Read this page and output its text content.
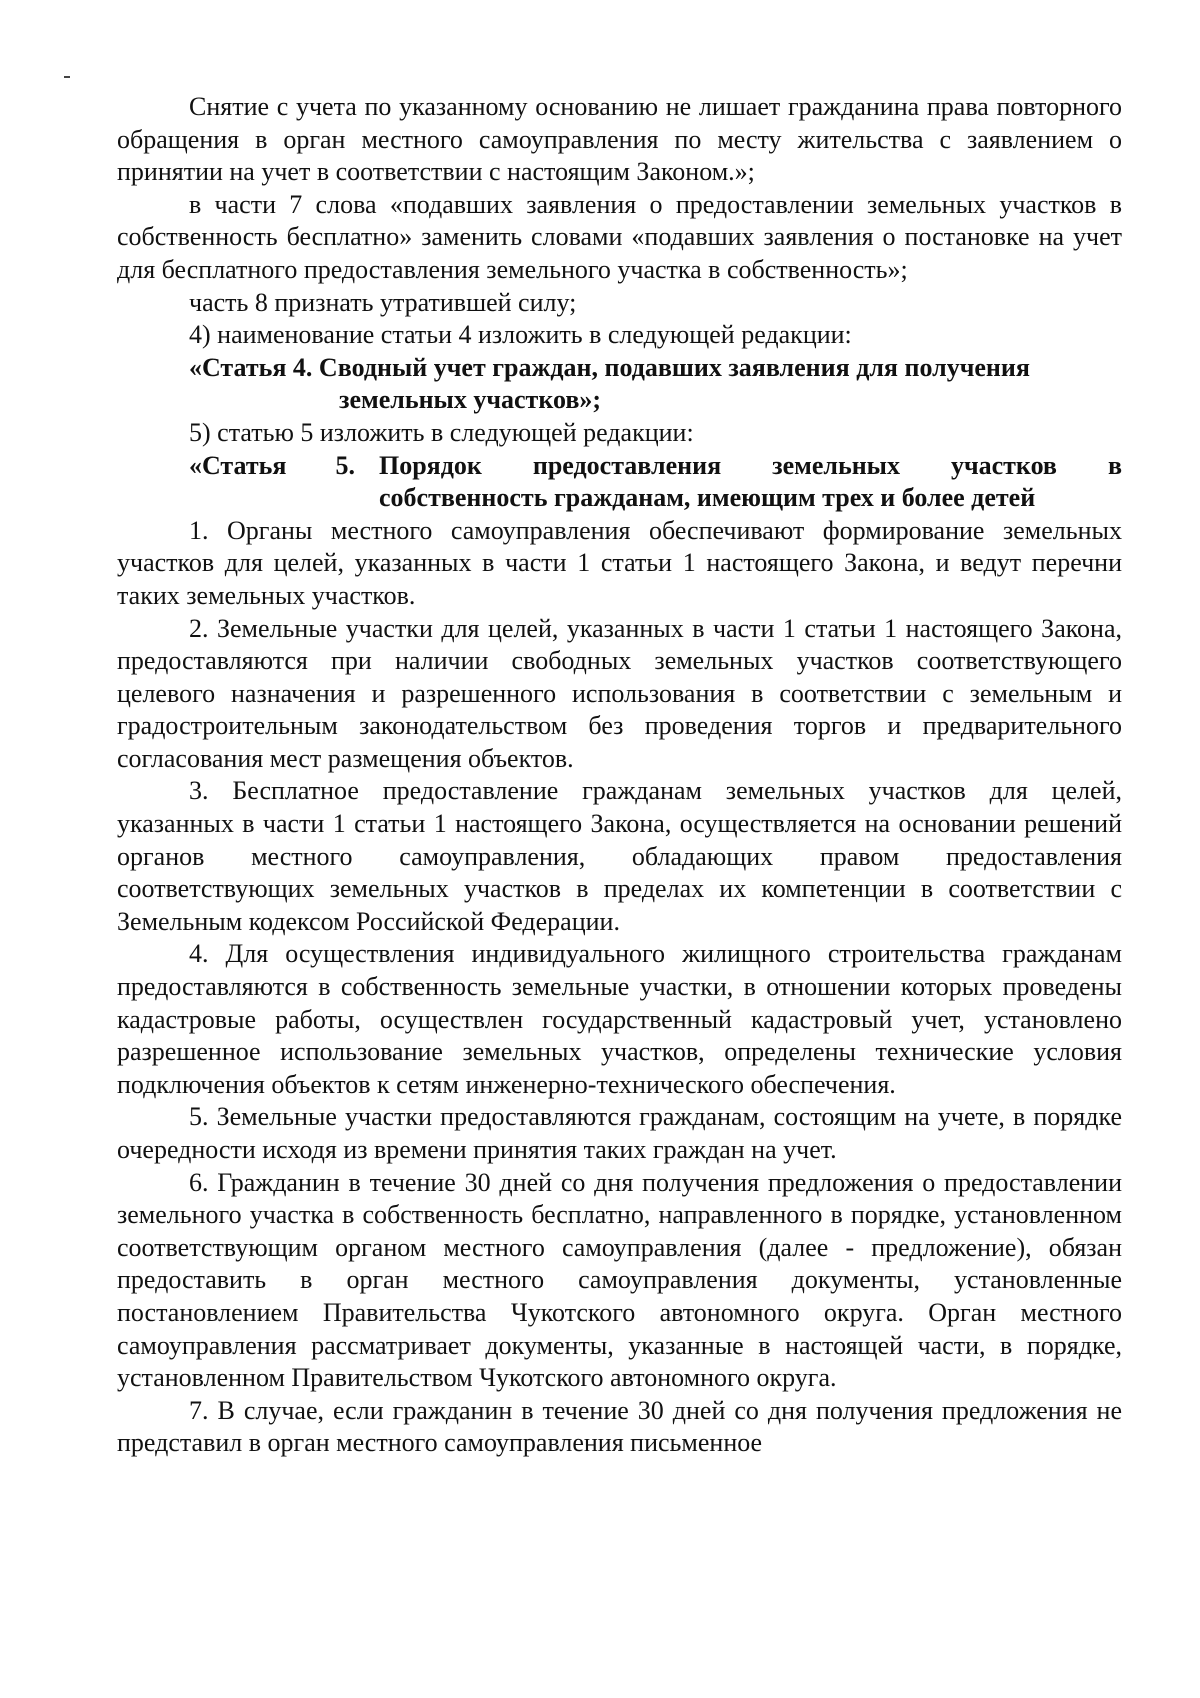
Снятие с учета по указанному основанию не лишает гражданина права повторного обращения в орган местного самоуправления по месту жительства с заявлением о принятии на учет в соответствии с настоящим Законом.»;

в части 7 слова «подавших заявления о предоставлении земельных участков в собственность бесплатно» заменить словами «подавших заявления о постановке на учет для бесплатного предоставления земельного участка в собственность»;

часть 8 признать утратившей силу;

4) наименование статьи 4 изложить в следующей редакции:

«Статья 4. Сводный учет граждан, подавших заявления для получения
земельных участков»;

5) статью 5 изложить в следующей редакции:

«Статья 5. Порядок предоставления земельных участков в
собственность гражданам, имеющим трех и более детей

1. Органы местного самоуправления обеспечивают формирование земельных участков для целей, указанных в части 1 статьи 1 настоящего Закона, и ведут перечни таких земельных участков.

2. Земельные участки для целей, указанных в части 1 статьи 1 настоящего Закона, предоставляются при наличии свободных земельных участков соответствующего целевого назначения и разрешенного использования в соответствии с земельным и градостроительным законодательством без проведения торгов и предварительного согласования мест размещения объектов.

3. Бесплатное предоставление гражданам земельных участков для целей, указанных в части 1 статьи 1 настоящего Закона, осуществляется на основании решений органов местного самоуправления, обладающих правом предоставления соответствующих земельных участков в пределах их компетенции в соответствии с Земельным кодексом Российской Федерации.

4. Для осуществления индивидуального жилищного строительства гражданам предоставляются в собственность земельные участки, в отношении которых проведены кадастровые работы, осуществлен государственный кадастровый учет, установлено разрешенное использование земельных участков, определены технические условия подключения объектов к сетям инженерно-технического обеспечения.

5. Земельные участки предоставляются гражданам, состоящим на учете, в порядке очередности исходя из времени принятия таких граждан на учет.

6. Гражданин в течение 30 дней со дня получения предложения о предоставлении земельного участка в собственность бесплатно, направленного в порядке, установленном соответствующим органом местного самоуправления (далее - предложение), обязан предоставить в орган местного самоуправления документы, установленные постановлением Правительства Чукотского автономного округа. Орган местного самоуправления рассматривает документы, указанные в настоящей части, в порядке, установленном Правительством Чукотского автономного округа.

7. В случае, если гражданин в течение 30 дней со дня получения предложения не представил в орган местного самоуправления письменное
